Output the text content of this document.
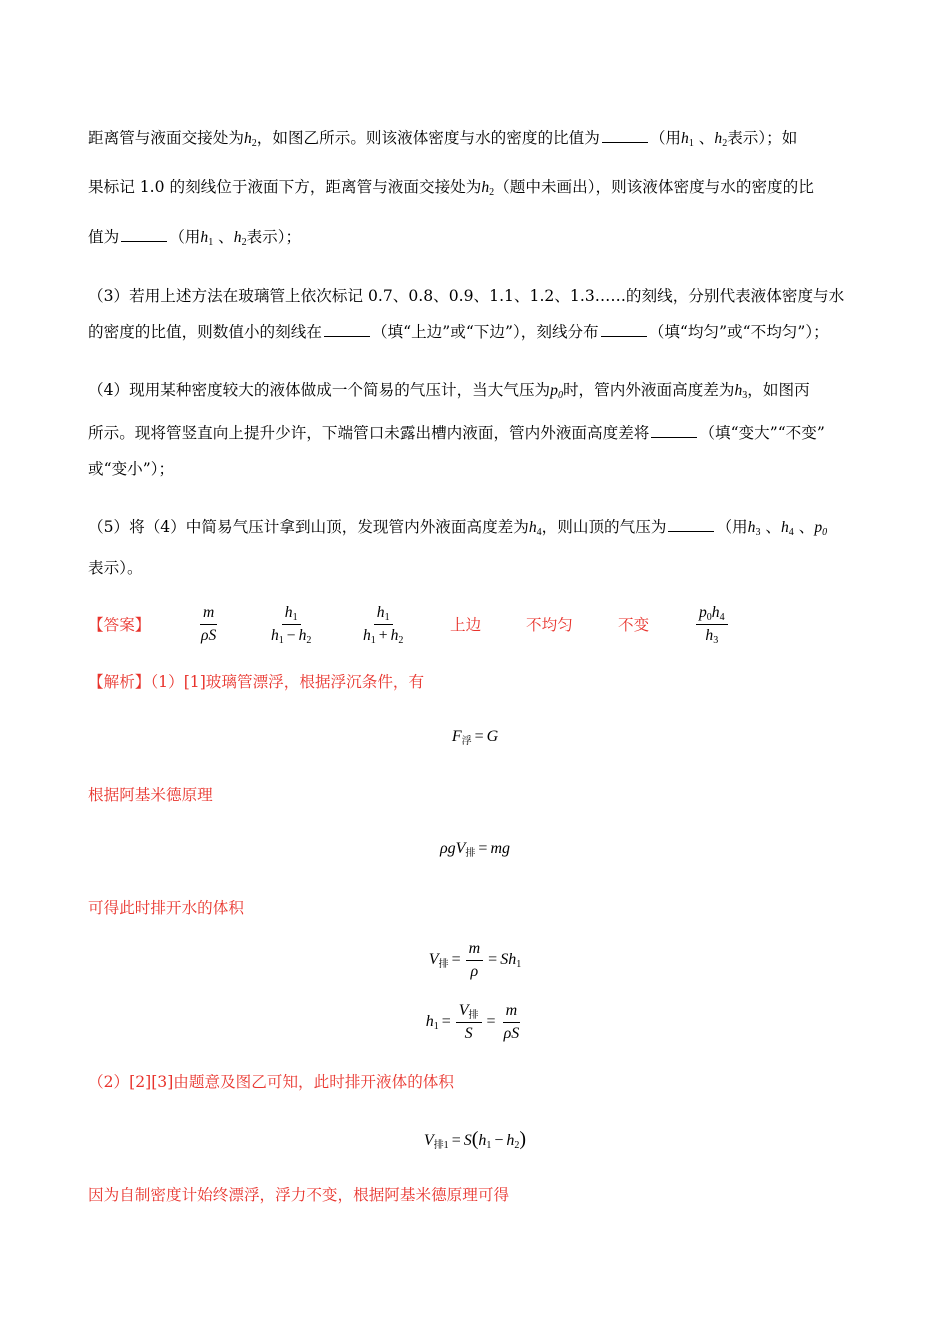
距离管与液面交接处为$h_2$，如图乙所示。则该液体密度与水的密度的比值为	（用$h_1$ 、$h_2$表示）；如
果标记 1.0 的刻线位于液面下方，距离管与液面交接处为$h_2$（题中未画出），则该液体密度与水的密度的比
值为	（用$h_1$ 、$h_2$表示）；
（3）若用上述方法在玻璃管上依次标记 0.7、0.8、0.9、1.1、1.2、1.3……的刻线，分别代表液体密度与水
的密度的比值，则数值小的刻线在	（填“上边”或“下边”），刻线分布	（填“均匀”或“不均匀”）；
（4）现用某种密度较大的液体做成一个简易的气压计，当大气压为$p_0$时，管内外液面高度差为$h_3$，如图丙
所示。现将管竖直向上提升少许，下端管口未露出槽内液面，管内外液面高度差将	（填“变大”“不变”
或“变小”）；
（5）将（4）中简易气压计拿到山顶，发现管内外液面高度差为$h_4$，则山顶的气压为	（用$h_3$ 、$h_4$ 、$p_0$
表示）。
【答案】	$\frac{m}{\rho S}$	$\frac{h_1}{h_1 - h_2}$	$\frac{h_1}{h_1 + h_2}$	上边	不均匀	不变	$\frac{p_0h_4}{h_3}$
【解析】（1）[1]玻璃管漂浮，根据浮沉条件，有
$F_浮 = G$
根据阿基米德原理
ρgV$_排$ = mg
可得此时排开水的体积
$V_排 = \frac{m}{\rho} = Sh_1$
$h_1 = \frac{V_排}{S} = \frac{m}{\rho S}$
（2）[2][3]由题意及图乙可知，此时排开液体的体积
$V_{排1} = S(h_1 - h_2)$
因为自制密度计始终漂浮，浮力不变，根据阿基米德原理可得
